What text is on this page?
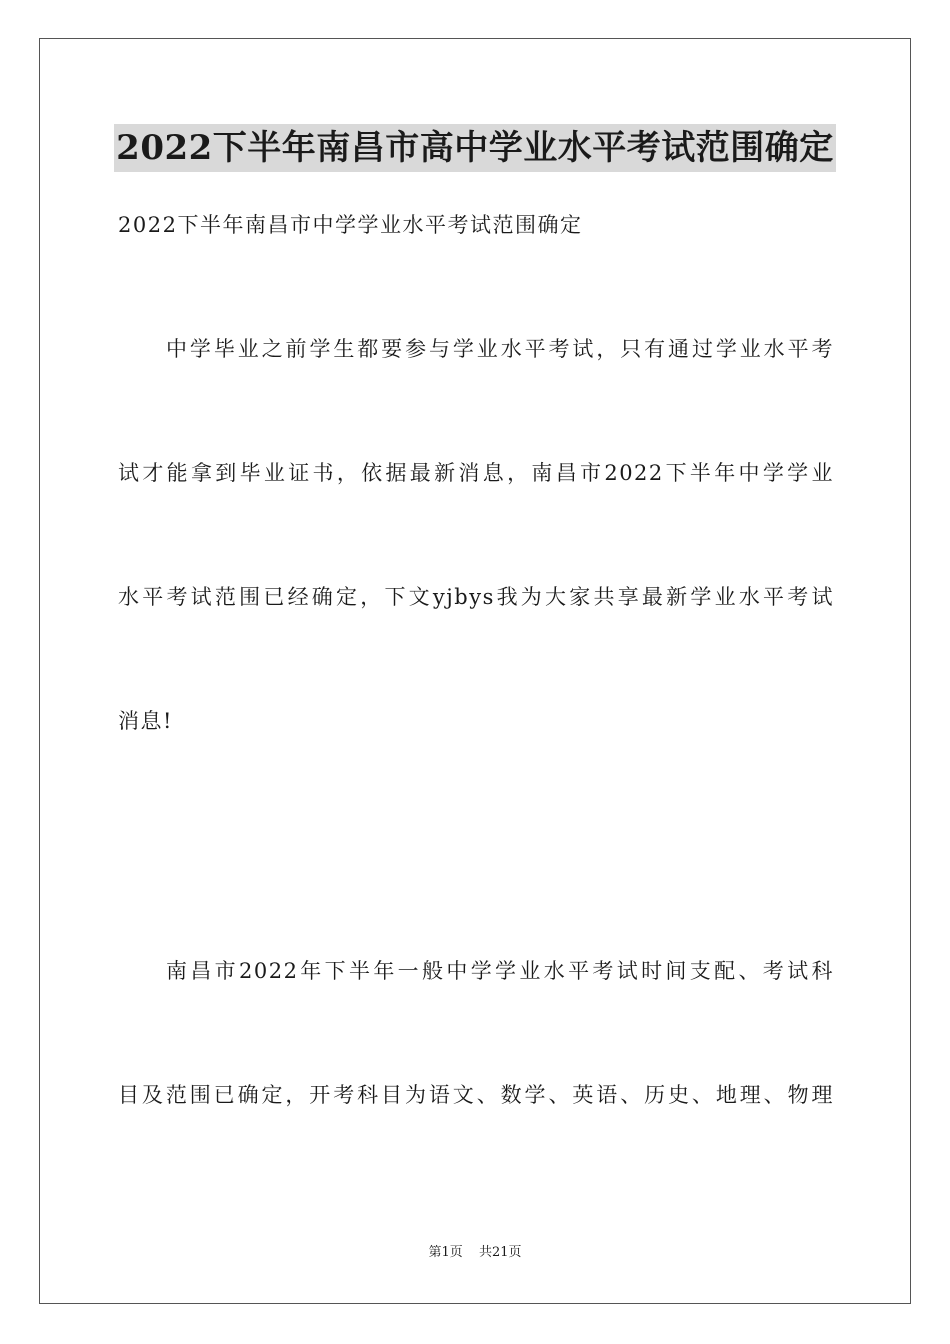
2022下半年南昌市高中学业水平考试范围确定
2022下半年南昌市中学学业水平考试范围确定
中学毕业之前学生都要参与学业水平考试，只有通过学业水平考
试才能拿到毕业证书，依据最新消息，南昌市2022下半年中学学业
水平考试范围已经确定，下文yjbys我为大家共享最新学业水平考试
消息!
南昌市2022年下半年一般中学学业水平考试时间支配、考试科
目及范围已确定，开考科目为语文、数学、英语、历史、地理、物理
第1页 共21页
